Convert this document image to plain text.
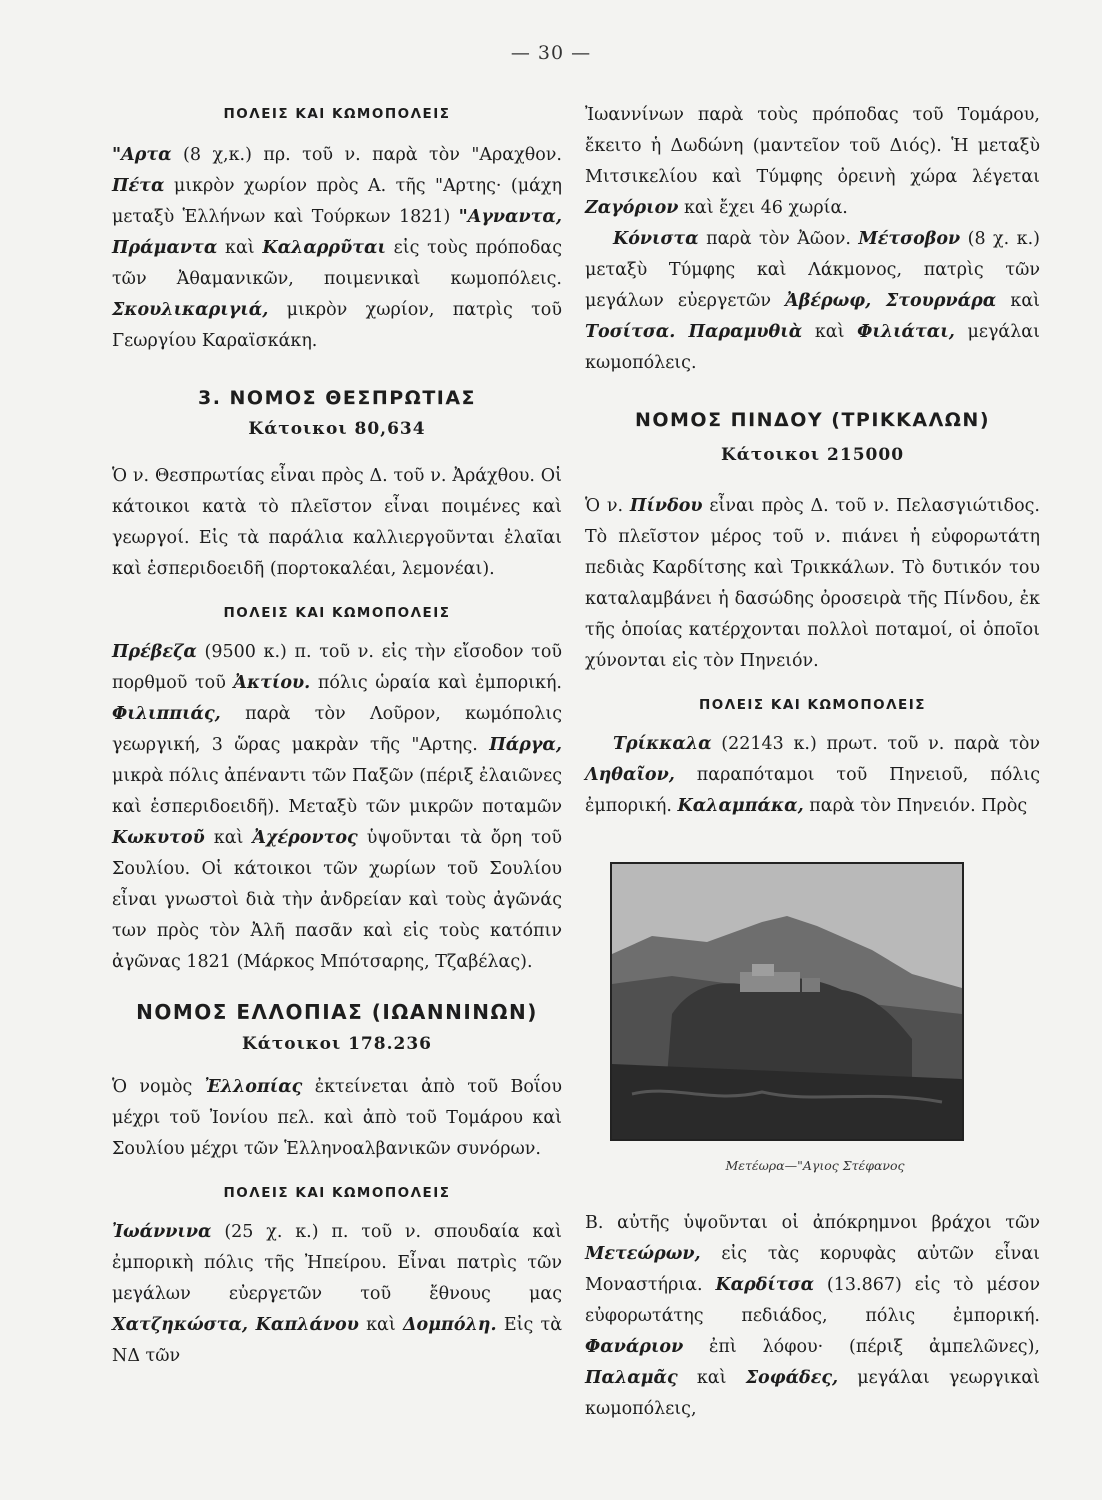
— 30 —
ΠΟΛΕΙΣ ΚΑΙ ΚΩΜΟΠΟΛΕΙΣ

"Αρτα (8 χ,κ.) πρ. τοῦ ν. παρὰ τὸν "Αραχθον. Πέτα μικρὸν χωρίον πρὸς Α. τῆς "Αρτης· (μάχη μεταξὺ Ἑλλήνων καὶ Τούρκων 1821) "Αγναντα, Πράμαντα καὶ Καλαρρῦται εἰς τοὺς πρόποδας τῶν Ἀθαμανικῶν, ποιμενικαὶ κωμοπόλεις. Σκουλικαριγιά, μικρὸν χωρίον, πατρὶς τοῦ Γεωργίου Καραϊσκάκη.

3. ΝΟΜΟΣ ΘΕΣΠΡΩΤΙΑΣ
Κάτοικοι 80,634

Ὁ ν. Θεσπρωτίας εἶναι πρὸς Δ. τοῦ ν. Ἀράχθου. Οἱ κάτοικοι κατὰ τὸ πλεῖστον εἶναι ποιμένες καὶ γεωργοί. Εἰς τὰ παράλια καλλιεργοῦνται ἐλαῖαι καὶ ἑσπεριδοειδῆ (πορτοκαλέαι, λεμονέαι).

ΠΟΛΕΙΣ ΚΑΙ ΚΩΜΟΠΟΛΕΙΣ

Πρέβεζα (9500 κ.) π. τοῦ ν. εἰς τὴν εἴσοδον τοῦ πορθμοῦ τοῦ Ἀκτίου. πόλις ὡραία καὶ ἐμπορική. Φιλιππιάς, παρὰ τὸν Λοῦρον, κωμόπολις γεωργική, 3 ὥρας μακρὰν τῆς "Αρτης. Πάργα, μικρὰ πόλις ἀπέναντι τῶν Παξῶν (πέριξ ἐλαιῶνες καὶ ἑσπεριδοειδῆ). Μεταξὺ τῶν μικρῶν ποταμῶν Κωκυτοῦ καὶ Ἀχέροντος ὑψοῦνται τὰ ὄρη τοῦ Σουλίου. Οἱ κάτοικοι τῶν χωρίων τοῦ Σουλίου εἶναι γνωστοὶ διὰ τὴν ἀνδρείαν καὶ τοὺς ἀγῶνάς των πρὸς τὸν Ἀλῆ πασᾶν καὶ εἰς τοὺς κατόπιν ἀγῶνας 1821 (Μάρκος Μπότσαρης, Τζαβέλας).

ΝΟΜΟΣ ΕΛΛΟΠΙΑΣ (ΙΩΑΝΝΙΝΩΝ)
Κάτοικοι 178.236

Ὁ νομὸς Ἐλλοπίας ἐκτείνεται ἀπὸ τοῦ Βοΐου μέχρι τοῦ Ἰονίου πελ. καὶ ἀπὸ τοῦ Τομάρου καὶ Σουλίου μέχρι τῶν Ἑλληνοαλβανικῶν συνόρων.

ΠΟΛΕΙΣ ΚΑΙ ΚΩΜΟΠΟΛΕΙΣ

Ἰωάννινα (25 χ. κ.) π. τοῦ ν. σπουδαία καὶ ἐμπορικὴ πόλις τῆς Ἠπείρου. Εἶναι πατρὶς τῶν μεγάλων εὐεργετῶν τοῦ ἔθνους μας Χατζηκώστα, Καπλάνου καὶ Δομπόλη. Εἰς τὰ ΝΔ τῶν

Ἰωαννίνων παρὰ τοὺς πρόποδας τοῦ Τομάρου, ἔκειτο ἡ Δωδώνη (μαντεῖον τοῦ Διός). Ἡ μεταξὺ Μιτσικελίου καὶ Τύμφης ὀρεινὴ χώρα λέγεται Ζαγόριον καὶ ἔχει 46 χωρία.

Κόνιστα παρὰ τὸν Ἀῶον. Μέτσοβον (8 χ. κ.) μεταξὺ Τύμφης καὶ Λάκμονος, πατρὶς τῶν μεγάλων εὐεργετῶν Ἀβέρωφ, Στουρνάρα καὶ Τοσίτσα. Παραμυθιὰ καὶ Φιλιάται, μεγάλαι κωμοπόλεις.

ΝΟΜΟΣ ΠΙΝΔΟΥ (ΤΡΙΚΚΑΛΩΝ)
Κάτοικοι 215000

Ὁ ν. Πίνδου εἶναι πρὸς Δ. τοῦ ν. Πελασγιώτιδος. Τὸ πλεῖστον μέρος τοῦ ν. πιάνει ἡ εὐφορωτάτη πεδιὰς Καρδίτσης καὶ Τρικκάλων. Τὸ δυτικόν του καταλαμβάνει ἡ δασώδης ὀροσειρὰ τῆς Πίνδου, ἐκ τῆς ὁποίας κατέρχονται πολλοὶ ποταμοί, οἱ ὁποῖοι χύνονται εἰς τὸν Πηνειόν.

ΠΟΛΕΙΣ ΚΑΙ ΚΩΜΟΠΟΛΕΙΣ

Τρίκκαλα (22143 κ.) πρωτ. τοῦ ν. παρὰ τὸν Ληθαῖον, παραπόταμοι τοῦ Πηνειοῦ, πόλις ἐμπορική. Καλαμπάκα, παρὰ τὸν Πηνειόν. Πρὸς

Μετέωρα—"Αγιος Στέφανος

Β. αὐτῆς ὑψοῦνται οἱ ἀπόκρημνοι βράχοι τῶν Μετεώρων, εἰς τὰς κορυφὰς αὐτῶν εἶναι Μοναστήρια. Καρδίτσα (13.867) εἰς τὸ μέσον εὐφορωτάτης πεδιάδος, πόλις ἐμπορική. Φανάριον ἐπὶ λόφου· (πέριξ ἀμπελῶνες), Παλαμᾶς καὶ Σοφάδες, μεγάλαι γεωργικαὶ κωμοπόλεις,
